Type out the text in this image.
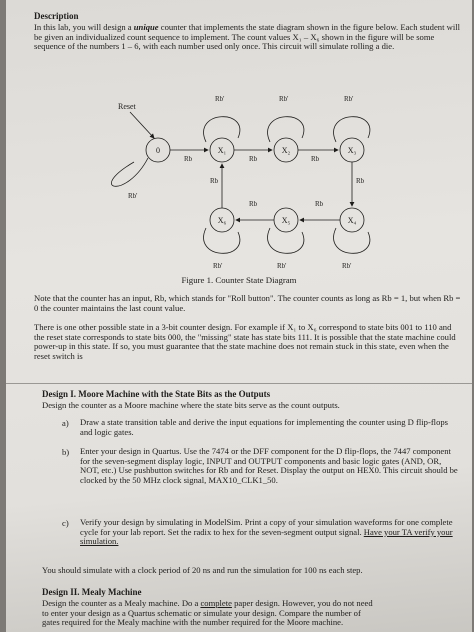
Description
In this lab, you will design a unique counter that implements the state diagram shown in the figure below. Each student will be given an individualized count sequence to implement. The count values X₁ – X₆ shown in the figure will be some sequence of the numbers 1 – 6, with each number used only once. This circuit will simulate rolling a die.
Reset
Rb'	Rb'	Rb'
Rb'	Rb'	Rb'
Rb'
0	X₁	X₂	X₃
X₆	X₅	X₄
Rb	Rb	Rb
Rb
Rb
Rb
Rb
Figure 1. Counter State Diagram
Note that the counter has an input, Rb, which stands for "Roll button". The counter counts as long as Rb = 1, but when Rb = 0 the counter maintains the last count value.
There is one other possible state in a 3-bit counter design. For example if X₁ to X₆ correspond to state bits 001 to 110 and the reset state corresponds to state bits 000, the "missing" state has state bits 111. It is possible that the state machine could power-up in this state. If so, you must guarantee that the state machine does not remain stuck in this state, even when the reset switch is
Design I. Moore Machine with the State Bits as the Outputs
Design the counter as a Moore machine where the state bits serve as the count outputs.
a) Draw a state transition table and derive the input equations for implementing the counter using D flip-flops and logic gates.
b) Enter your design in Quartus. Use the 7474 or the DFF component for the D flip-flops, the 7447 component for the seven-segment display logic, INPUT and OUTPUT components and basic logic gates (AND, OR, NOT, etc.) Use pushbutton switches for Rb and for Reset. Display the output on HEX0. This circuit should be clocked by the 50 MHz clock signal, MAX10_CLK1_50.
c) Verify your design by simulating in ModelSim. Print a copy of your simulation waveforms for one complete cycle for your lab report. Set the radix to hex for the seven-segment output signal. Have your TA verify your simulation.
You should simulate with a clock period of 20 ns and run the simulation for 100 ns each step.
Design II. Mealy Machine
Design the counter as a Mealy machine. Do a complete paper design. However, you do not need
to enter your design as a Quartus schematic or simulate your design. Compare the number of
gates required for the Mealy machine with the number required for the Moore machine.
